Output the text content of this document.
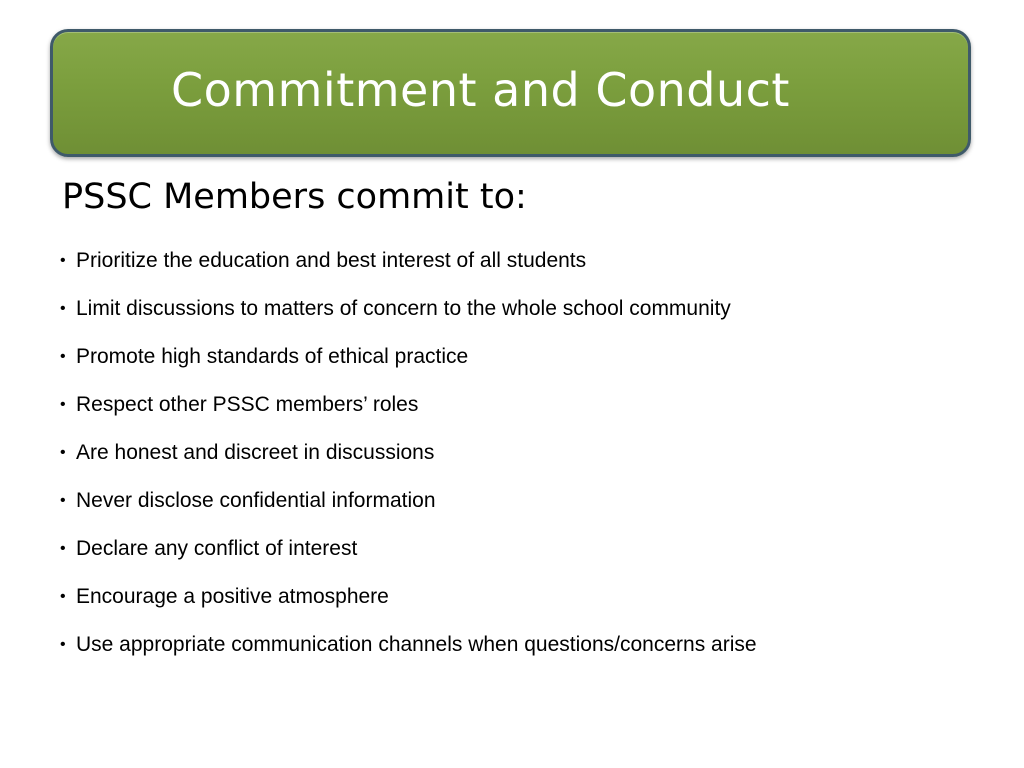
Commitment and Conduct
PSSC Members commit to:
• Prioritize the education and best interest of all students
• Limit discussions to matters of concern to the whole school community
• Promote high standards of ethical practice
• Respect other PSSC members’ roles
• Are honest and discreet in discussions
• Never disclose confidential information
• Declare any conflict of interest
• Encourage a positive atmosphere
• Use appropriate communication channels when questions/concerns arise
